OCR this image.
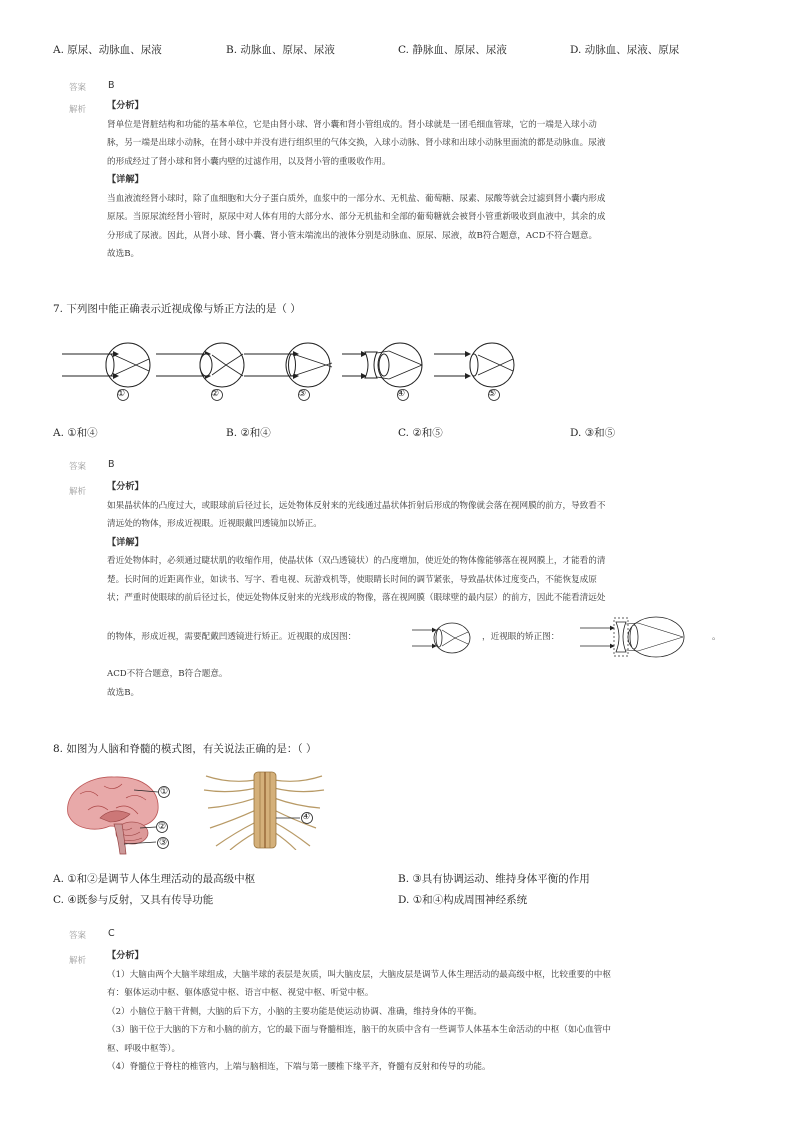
A. 原尿、动脉血、尿液	B. 动脉血、原尿、尿液	C. 静脉血、原尿、尿液	D. 动脉血、尿液、原尿
答案 B
解析 【分析】
肾单位是肾脏结构和功能的基本单位，它是由肾小球、肾小囊和肾小管组成的。肾小球就是一团毛细血管球，它的一端是入球小动
脉，另一端是出球小动脉，在肾小球中并没有进行组织里的气体交换，入球小动脉、肾小球和出球小动脉里面流的都是动脉血。尿液
的形成经过了肾小球和肾小囊内壁的过滤作用，以及肾小管的重吸收作用。
【详解】
当血液流经肾小球时，除了血细胞和大分子蛋白质外，血浆中的一部分水、无机盐、葡萄糖、尿素、尿酸等就会过滤到肾小囊内形成
原尿。当原尿流经肾小管时，原尿中对人体有用的大部分水、部分无机盐和全部的葡萄糖就会被肾小管重新吸收到血液中，其余的成
分形成了尿液。因此，从肾小球、肾小囊、肾小管末端流出的液体分别是动脉血、原尿、尿液，故B符合题意，ACD不符合题意。
故选B。
7. 下列图中能正确表示近视成像与矫正方法的是（ ）
①	②	③	④	⑤
A. ①和④	B. ②和④	C. ②和⑤	D. ③和⑤
答案 B
解析 【分析】
如果晶状体的凸度过大，或眼球前后径过长，远处物体反射来的光线通过晶状体折射后形成的物像就会落在视网膜的前方，导致看不
清远处的物体，形成近视眼。近视眼戴凹透镜加以矫正。
【详解】
看近处物体时，必须通过睫状肌的收缩作用，使晶状体（双凸透镜状）的凸度增加，使近处的物体像能够落在视网膜上，才能看的清
楚。长时间的近距离作业，如读书、写字、看电视、玩游戏机等，使眼睛长时间的调节紧张，导致晶状体过度变凸，不能恢复成原
状；严重时使眼球的前后径过长，使远处物体反射来的光线形成的物像，落在视网膜（眼球壁的最内层）的前方，因此不能看清远处
的物体，形成近视，需要配戴凹透镜进行矫正。近视眼的成因图：	，近视眼的矫正图：	。
ACD不符合题意，B符合题意。
故选B。
8. 如图为人脑和脊髓的模式图，有关说法正确的是：（ ）
①
②
③
④
A. ①和②是调节人体生理活动的最高级中枢	B. ③具有协调运动、维持身体平衡的作用
C. ④既参与反射，又具有传导功能	D. ①和④构成周围神经系统
答案 C
解析 【分析】
（1）大脑由两个大脑半球组成，大脑半球的表层是灰质，叫大脑皮层，大脑皮层是调节人体生理活动的最高级中枢，比较重要的中枢
有：躯体运动中枢、躯体感觉中枢、语言中枢、视觉中枢、听觉中枢。
（2）小脑位于脑干背侧，大脑的后下方，小脑的主要功能是使运动协调、准确，维持身体的平衡。
（3）脑干位于大脑的下方和小脑的前方，它的最下面与脊髓相连，脑干的灰质中含有一些调节人体基本生命活动的中枢（如心血管中
枢、呼吸中枢等）。
（4）脊髓位于脊柱的椎管内，上端与脑相连，下端与第一腰椎下缘平齐，脊髓有反射和传导的功能。
